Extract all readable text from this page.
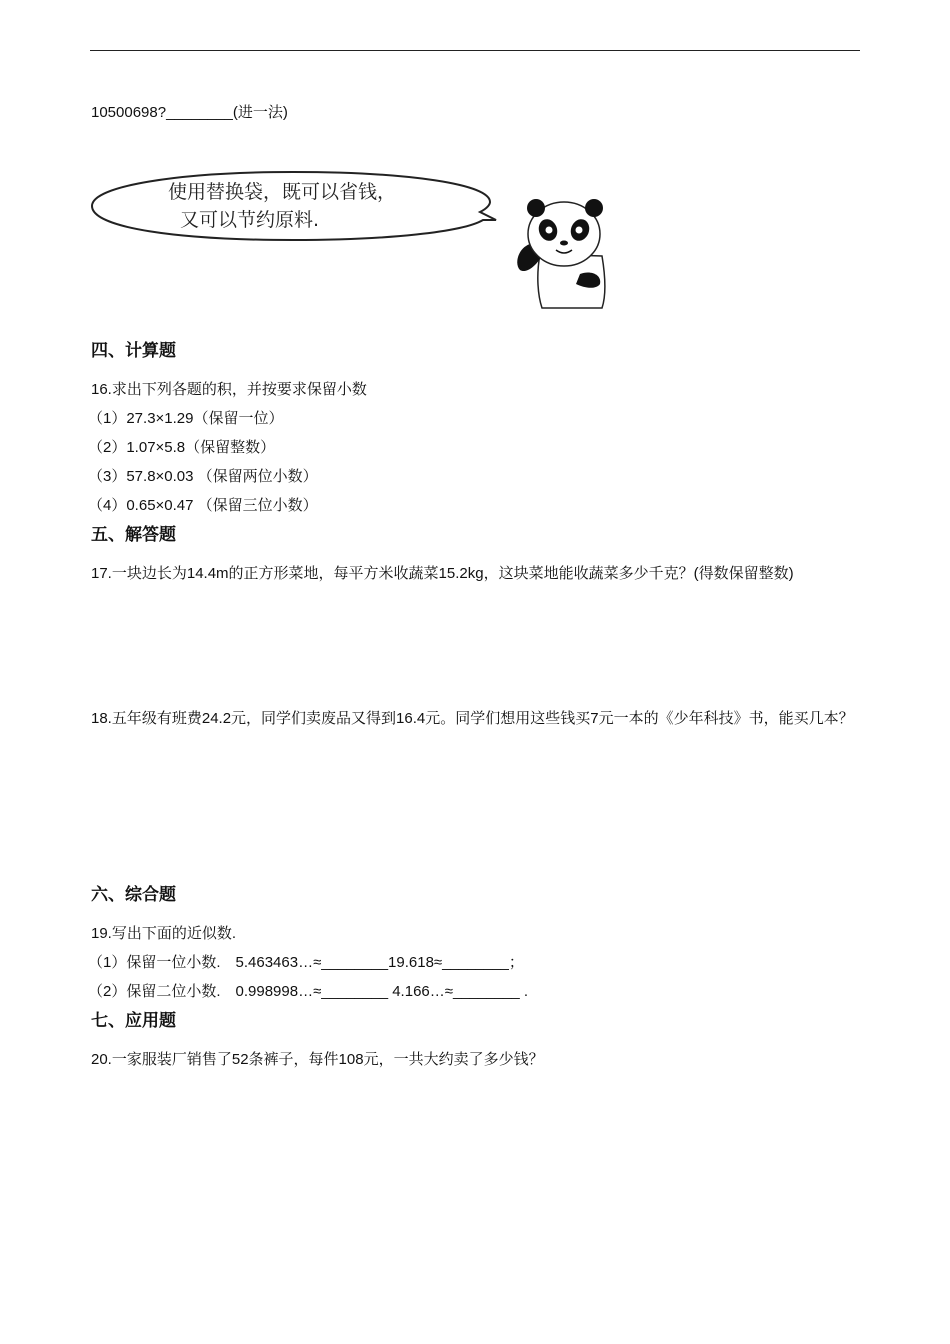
10500698?________(进一法)
使用替换袋，既可以省钱，
又可以节约原料.
四、计算题
16.求出下列各题的积，并按要求保留小数
（1）27.3×1.29（保留一位）
（2）1.07×5.8（保留整数）
（3）57.8×0.03 （保留两位小数）
（4）0.65×0.47 （保留三位小数）
五、解答题
17.一块边长为14.4m的正方形菜地，每平方米收蔬菜15.2kg，这块菜地能收蔬菜多少千克？(得数保留整数)
18.五年级有班费24.2元，同学们卖废品又得到16.4元。同学们想用这些钱买7元一本的《少年科技》书，能买几本？
六、综合题
19.写出下面的近似数.
（1）保留一位小数.　5.463463…≈________19.618≈________；
（2）保留二位小数.　0.998998…≈________ 4.166…≈________ .
七、应用题
20.一家服装厂销售了52条裤子，每件108元，一共大约卖了多少钱？
